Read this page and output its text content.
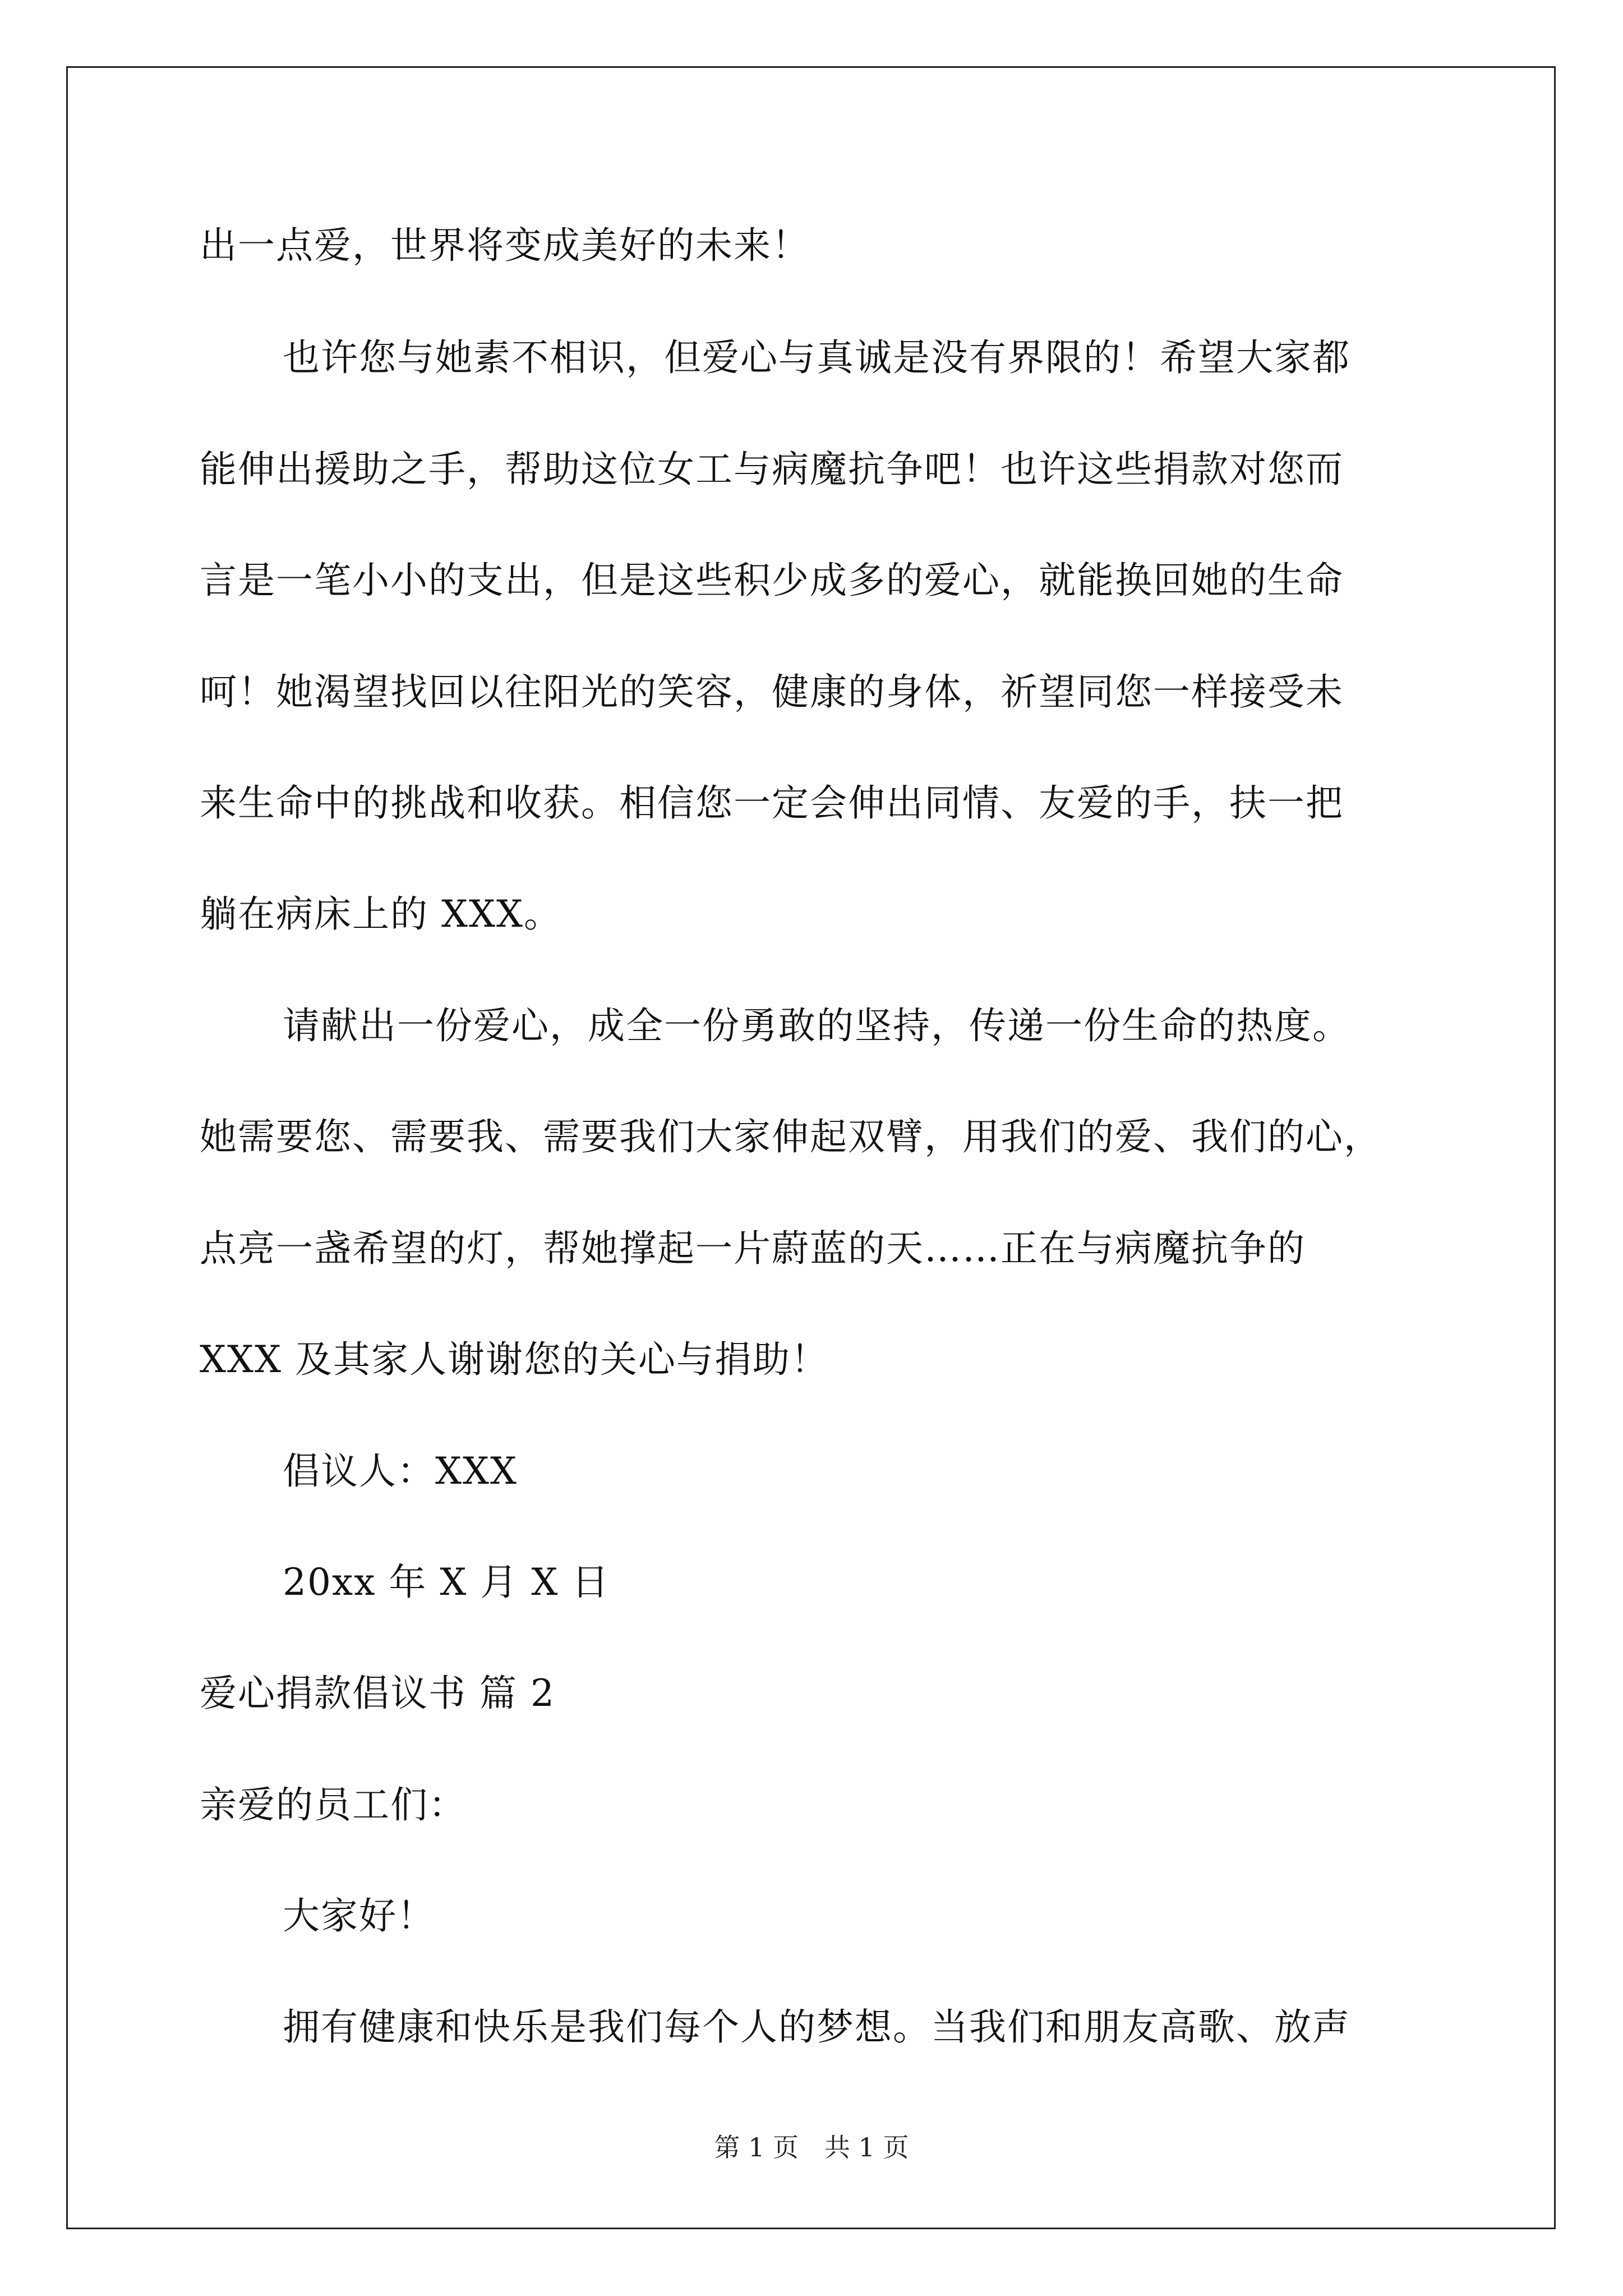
出一点爱，世界将变成美好的未来！
也许您与她素不相识，但爱心与真诚是没有界限的！希望大家都
能伸出援助之手，帮助这位女工与病魔抗争吧！也许这些捐款对您而
言是一笔小小的支出，但是这些积少成多的爱心，就能换回她的生命
呵！她渴望找回以往阳光的笑容，健康的身体，祈望同您一样接受未
来生命中的挑战和收获。相信您一定会伸出同情、友爱的手，扶一把
躺在病床上的 XXX。
请献出一份爱心，成全一份勇敢的坚持，传递一份生命的热度。
她需要您、需要我、需要我们大家伸起双臂，用我们的爱、我们的心，
点亮一盏希望的灯，帮她撑起一片蔚蓝的天……正在与病魔抗争的
XXX 及其家人谢谢您的关心与捐助！
倡议人：XXX
20xx 年 X 月 X 日
爱心捐款倡议书 篇 2
亲爱的员工们：
大家好！
拥有健康和快乐是我们每个人的梦想。当我们和朋友高歌、放声
第 1 页　共 1 页
